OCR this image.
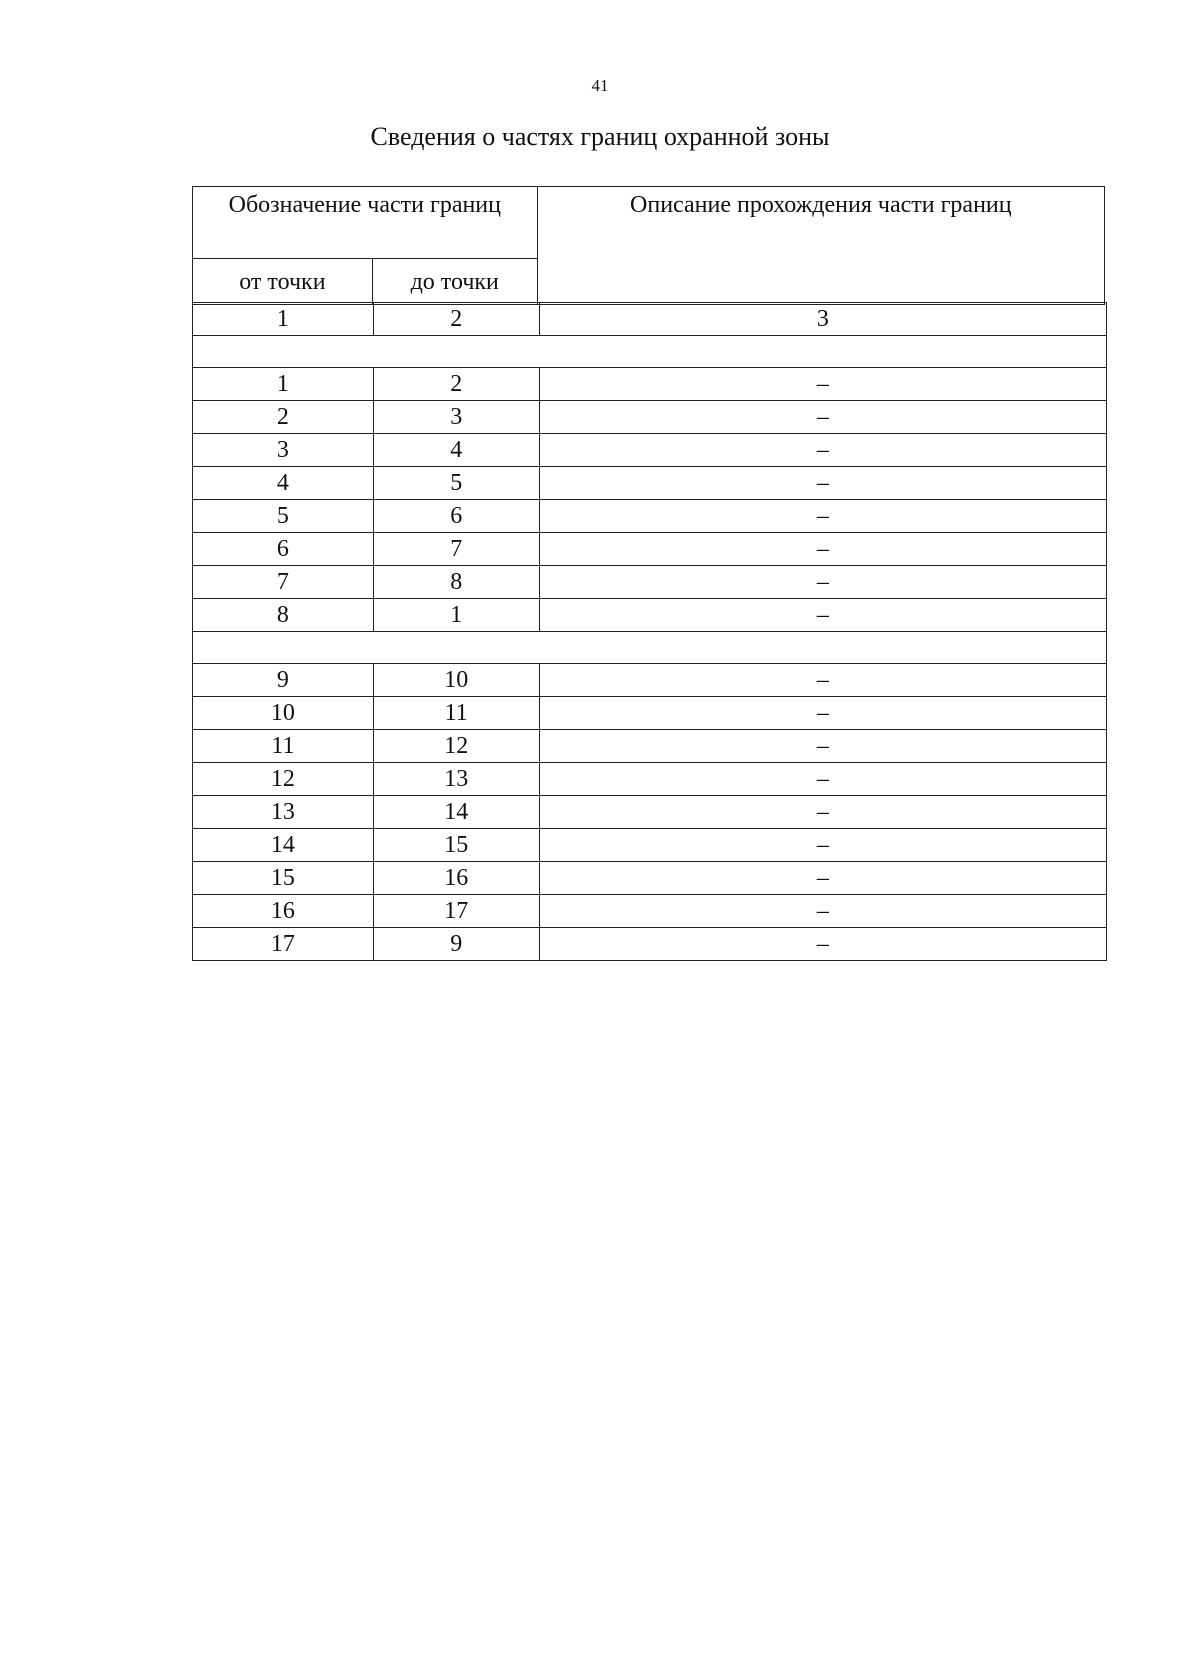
41
Сведения о частях границ охранной зоны
Обозначение части границ		Описание прохождения части границ
от точки	до точки	
1	2	3

1	2	–
2	3	–
3	4	–
4	5	–
5	6	–
6	7	–
7	8	–
8	1	–

9	10	–
10	11	–
11	12	–
12	13	–
13	14	–
14	15	–
15	16	–
16	17	–
17	9	–
